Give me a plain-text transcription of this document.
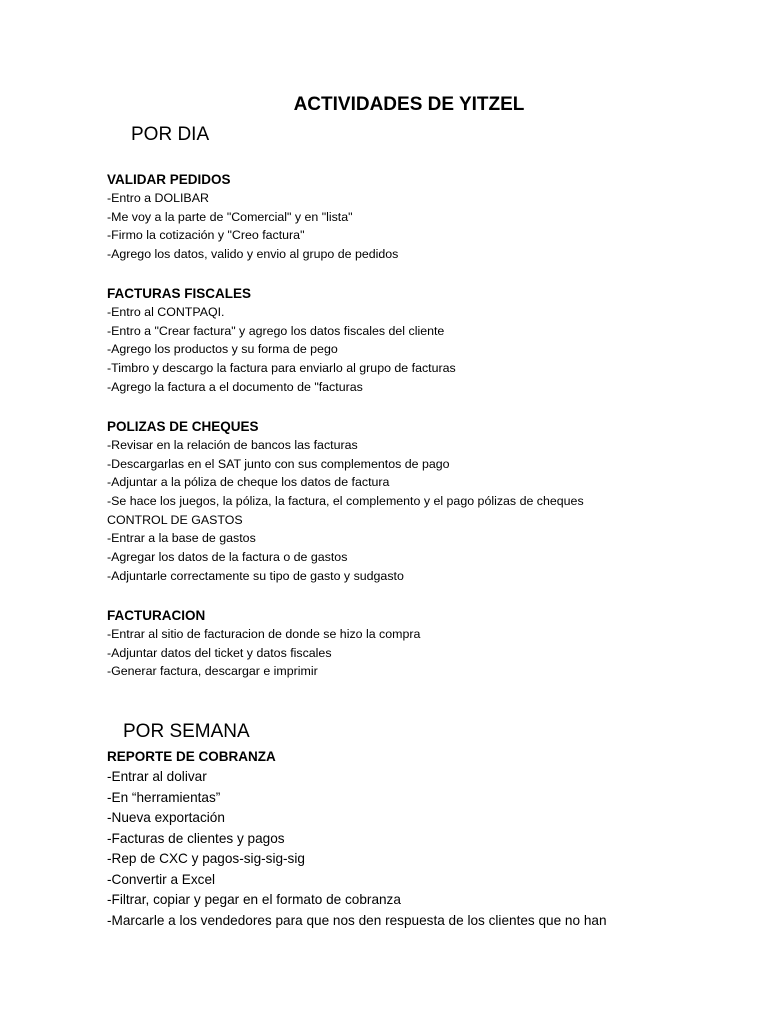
ACTIVIDADES DE YITZEL
POR DIA
VALIDAR PEDIDOS
-Entro a DOLIBAR
-Me voy a la parte de "Comercial" y en "lista"
-Firmo la cotización y "Creo factura"
-Agrego los datos, valido y envio al grupo de pedidos
FACTURAS FISCALES
-Entro al CONTPAQI.
-Entro a "Crear factura" y agrego los datos fiscales del cliente
-Agrego los productos y su forma de pego
-Timbro y descargo la factura para enviarlo al grupo de facturas
-Agrego la factura a el documento de "facturas
POLIZAS DE CHEQUES
-Revisar en la relación de bancos las facturas
-Descargarlas en el SAT junto con sus complementos de pago
-Adjuntar a la póliza de cheque los datos de factura
-Se hace los juegos, la póliza, la factura, el complemento y el pago pólizas de cheques
CONTROL DE GASTOS
-Entrar a la base de gastos
-Agregar los datos de la factura o de gastos
-Adjuntarle correctamente su tipo de gasto y sudgasto
FACTURACION
-Entrar al sitio de facturacion de donde se hizo la compra
-Adjuntar datos del ticket y datos fiscales
-Generar factura, descargar e imprimir
POR SEMANA
REPORTE DE COBRANZA
-Entrar al dolivar
-En “herramientas”
-Nueva exportación
-Facturas de clientes y pagos
-Rep de CXC y pagos-sig-sig-sig
-Convertir a Excel
-Filtrar, copiar y pegar en el formato de cobranza
-Marcarle a los vendedores para que nos den respuesta de los clientes que no han
